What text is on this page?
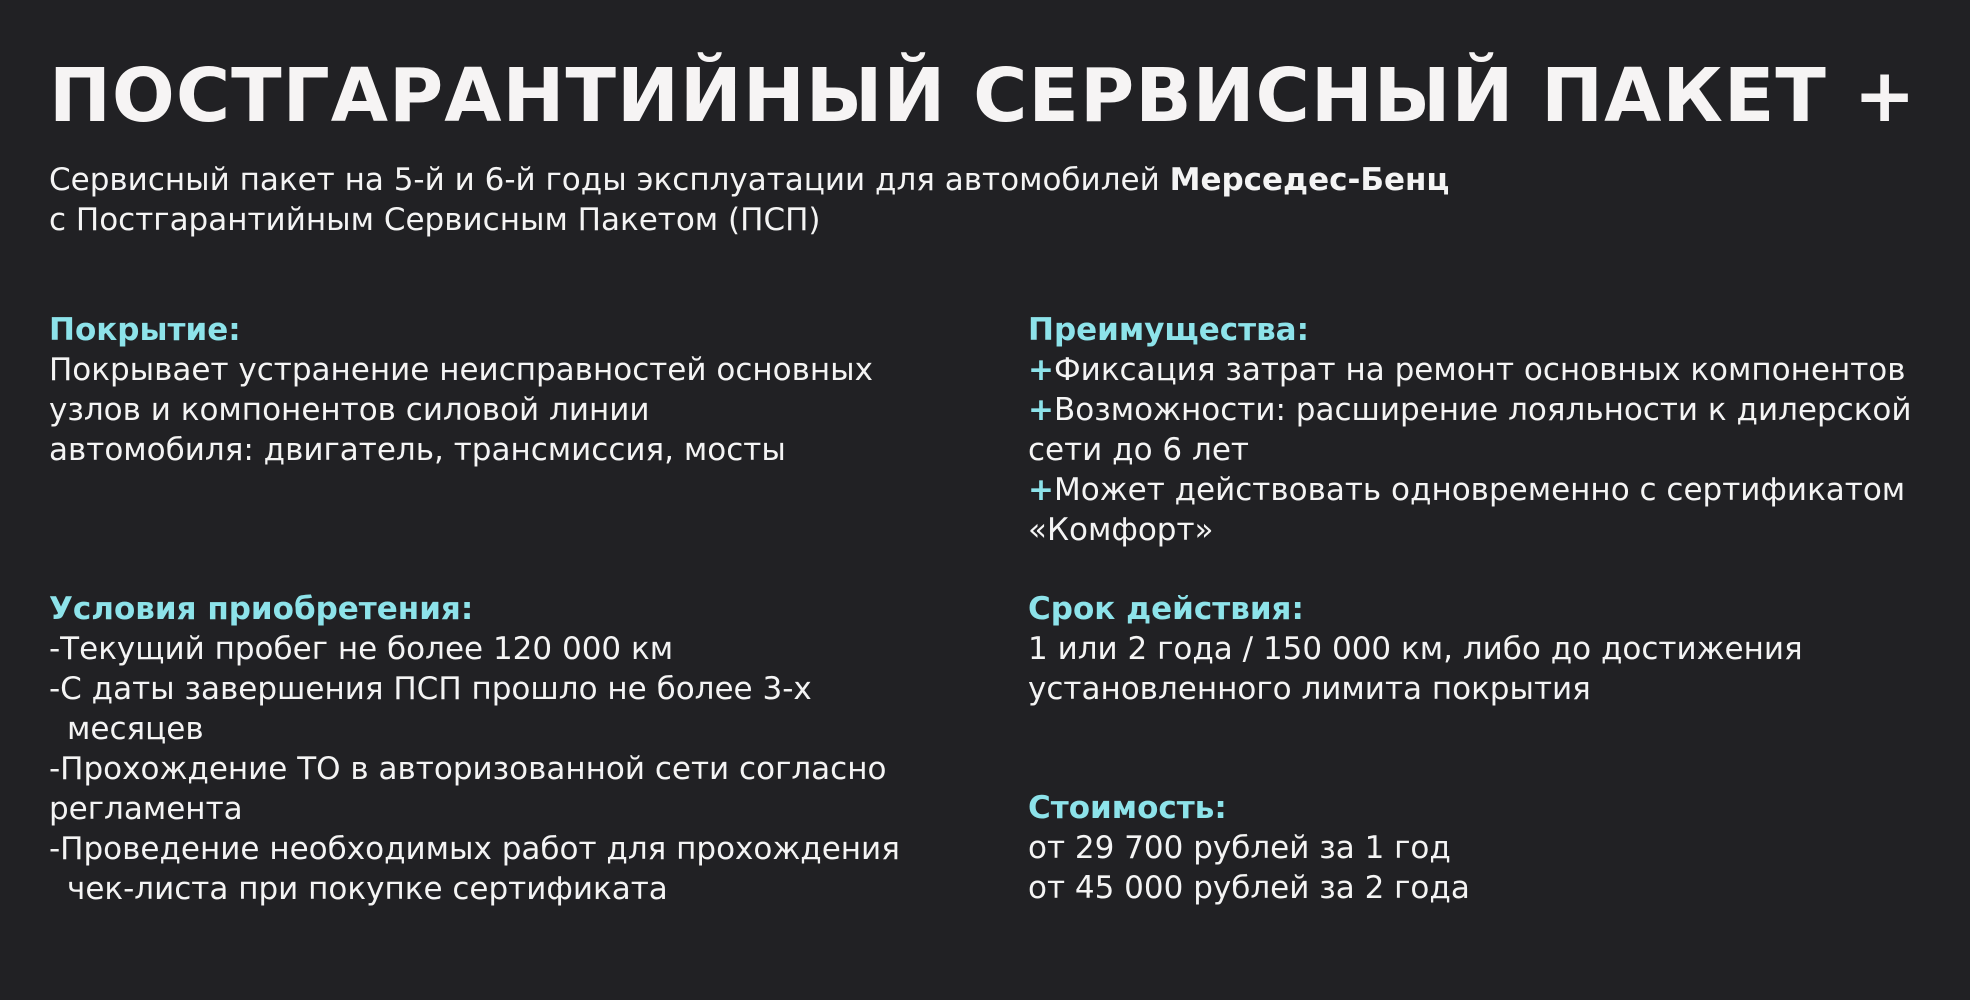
ПОСТГАРАНТИЙНЫЙ СЕРВИСНЫЙ ПАКЕТ +
Сервисный пакет на 5-й и 6-й годы эксплуатации для автомобилей Мерседес-Бенц
с Постгарантийным Сервисным Пакетом (ПСП)
Покрытие:
Покрывает устранение неисправностей основных
узлов и компонентов силовой линии
автомобиля: двигатель, трансмиссия, мосты
Преимущества:
+Фиксация затрат на ремонт основных компонентов
+Возможности: расширение лояльности к дилерской
сети до 6 лет
+Может действовать одновременно с сертификатом
«Комфорт»
Условия приобретения:
-Текущий пробег не более 120 000 км
-С даты завершения ПСП прошло не более 3-х
месяцев
-Прохождение ТО в авторизованной сети согласно
регламента
-Проведение необходимых работ для прохождения
чек-листа при покупке сертификата
Срок действия:
1 или 2 года / 150 000 км, либо до достижения
установленного лимита покрытия
Стоимость:
от 29 700 рублей за 1 год
от 45 000 рублей за 2 года
